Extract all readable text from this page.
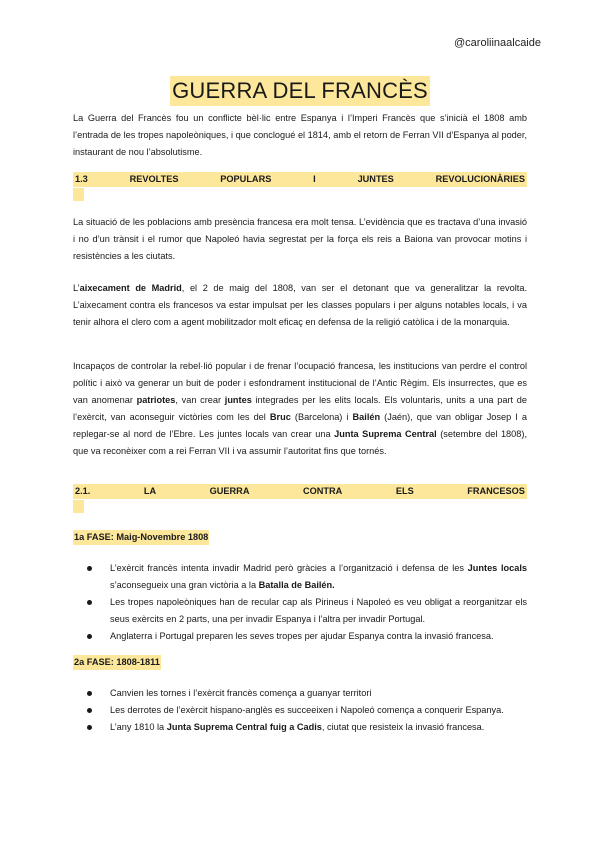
@caroliinaalcaide
GUERRA DEL FRANCÈS

La Guerra del Francès fou un conflicte bèl·lic entre Espanya i l’Imperi Francès que s’inicià el 1808 amb l’entrada de les tropes napoleòniques, i que conclogué el 1814, amb el retorn de Ferran VII d’Espanya al poder, instaurant de nou l’absolutisme.

1.3	REVOLTES	POPULARS	I	JUNTES	REVOLUCIONÀRIES

La situació de les poblacions amb presència francesa era molt tensa. L’evidència que es tractava d’una invasió i no d’un trànsit i el rumor que Napoleó havia segrestat per la força els reis a Baiona van provocar motins i resistències a les ciutats.

L’aixecament de Madrid, el 2 de maig del 1808, van ser el detonant que va generalitzar la revolta. L’aixecament contra els francesos va estar impulsat per les classes populars i per alguns notables locals, i va tenir alhora el clero com a agent mobilitzador molt eficaç en defensa de la religió catòlica i de la monarquia.

Incapaços de controlar la rebel·lió popular i de frenar l’ocupació francesa, les institucions van perdre el control polític i això va generar un buit de poder i esfondrament institucional de l’Antic Règim. Els insurrectes, que es van anomenar patriotes, van crear juntes integrades per les elits locals. Els voluntaris, units a una part de l’exèrcit, van aconseguir victòries com les del Bruc (Barcelona) i Bailén (Jaén), que van obligar Josep I a replegar-se al nord de l’Ebre. Les juntes locals van crear una Junta Suprema Central (setembre del 1808), que va reconèixer com a rei Ferran VII i va assumir l’autoritat fins que tornés.

2.1.	LA	GUERRA	CONTRA	ELS	FRANCESOS
1a FASE: Maig-Novembre 1808
L’exèrcit francès intenta invadir Madrid però gràcies a l’organització i defensa de les Juntes locals s’aconsegueix una gran victòria a la Batalla de Bailén.
Les tropes napoleòniques han de recular cap als Pirineus i Napoleó es veu obligat a reorganitzar els seus exèrcits en 2 parts, una per invadir Espanya i l’altra per invadir Portugal.
Anglaterra i Portugal preparen les seves tropes per ajudar Espanya contra la invasió francesa.
2a FASE: 1808-1811
Canvien les tornes i l’exèrcit francès comença a guanyar territori
Les derrotes de l’exèrcit hispano-anglès es succeeixen i Napoleó comença a conquerir Espanya.
L’any 1810 la Junta Suprema Central fuig a Cadis, ciutat que resisteix la invasió francesa.
